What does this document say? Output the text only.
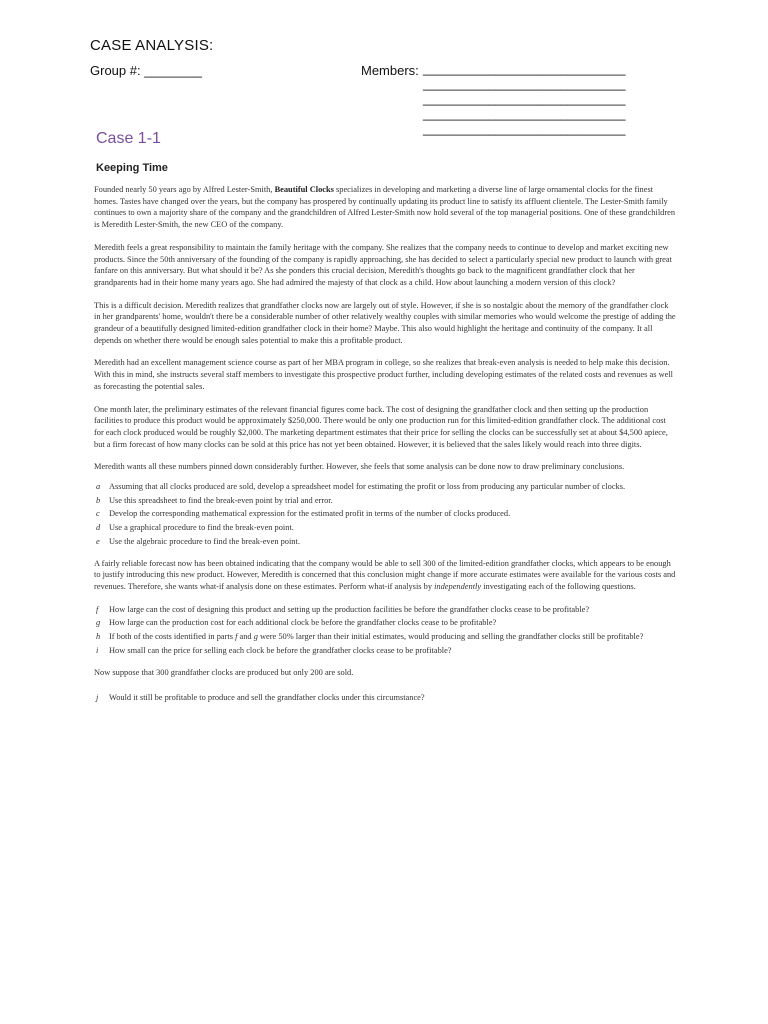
CASE ANALYSIS:
Group #: ________	Members: ____________________________
____________________________
____________________________
____________________________
____________________________
Case 1-1
Keeping Time

Founded nearly 50 years ago by Alfred Lester-Smith, Beautiful Clocks specializes in developing and marketing a diverse line of large ornamental clocks for the finest homes. Tastes have changed over the years, but the company has prospered by continually updating its product line to satisfy its affluent clientele. The Lester-Smith family continues to own a majority share of the company and the grandchildren of Alfred Lester-Smith now hold several of the top managerial positions. One of these grandchildren is Meredith Lester-Smith, the new CEO of the company.

Meredith feels a great responsibility to maintain the family heritage with the company. She realizes that the company needs to continue to develop and market exciting new products. Since the 50th anniversary of the founding of the company is rapidly approaching, she has decided to select a particularly special new product to launch with great fanfare on this anniversary. But what should it be? As she ponders this crucial decision, Meredith's thoughts go back to the magnificent grandfather clock that her grandparents had in their home many years ago. She had admired the majesty of that clock as a child. How about launching a modern version of this clock?

This is a difficult decision. Meredith realizes that grandfather clocks now are largely out of style. However, if she is so nostalgic about the memory of the grandfather clock in her grandparents' home, wouldn't there be a considerable number of other relatively wealthy couples with similar memories who would welcome the prestige of adding the grandeur of a beautifully designed limited-edition grandfather clock in their home? Maybe. This also would highlight the heritage and continuity of the company. It all depends on whether there would be enough sales potential to make this a profitable product.

Meredith had an excellent management science course as part of her MBA program in college, so she realizes that break-even analysis is needed to help make this decision. With this in mind, she instructs several staff members to investigate this prospective product further, including developing estimates of the related costs and revenues as well as forecasting the potential sales.

One month later, the preliminary estimates of the relevant financial figures come back. The cost of designing the grandfather clock and then setting up the production facilities to produce this product would be approximately $250,000. There would be only one production run for this limited-edition grandfather clock. The additional cost for each clock produced would be roughly $2,000. The marketing department estimates that their price for selling the clocks can be successfully set at about $4,500 apiece, but a firm forecast of how many clocks can be sold at this price has not yet been obtained. However, it is believed that the sales likely would reach into three digits.

Meredith wants all these numbers pinned down considerably further. However, she feels that some analysis can be done now to draw preliminary conclusions.

a Assuming that all clocks produced are sold, develop a spreadsheet model for estimating the profit or loss from producing any particular number of clocks.
b Use this spreadsheet to find the break-even point by trial and error.
c Develop the corresponding mathematical expression for the estimated profit in terms of the number of clocks produced.
d Use a graphical procedure to find the break-even point.
e Use the algebraic procedure to find the break-even point.

A fairly reliable forecast now has been obtained indicating that the company would be able to sell 300 of the limited-edition grandfather clocks, which appears to be enough to justify introducing this new product. However, Meredith is concerned that this conclusion might change if more accurate estimates were available for the various costs and revenues. Therefore, she wants what-if analysis done on these estimates. Perform what-if analysis by independently investigating each of the following questions.

f How large can the cost of designing this product and setting up the production facilities be before the grandfather clocks cease to be profitable?
g How large can the production cost for each additional clock be before the grandfather clocks cease to be profitable?
h If both of the costs identified in parts f and g were 50% larger than their initial estimates, would producing and selling the grandfather clocks still be profitable?
i How small can the price for selling each clock be before the grandfather clocks cease to be profitable?

Now suppose that 300 grandfather clocks are produced but only 200 are sold.

j Would it still be profitable to produce and sell the grandfather clocks under this circumstance?
